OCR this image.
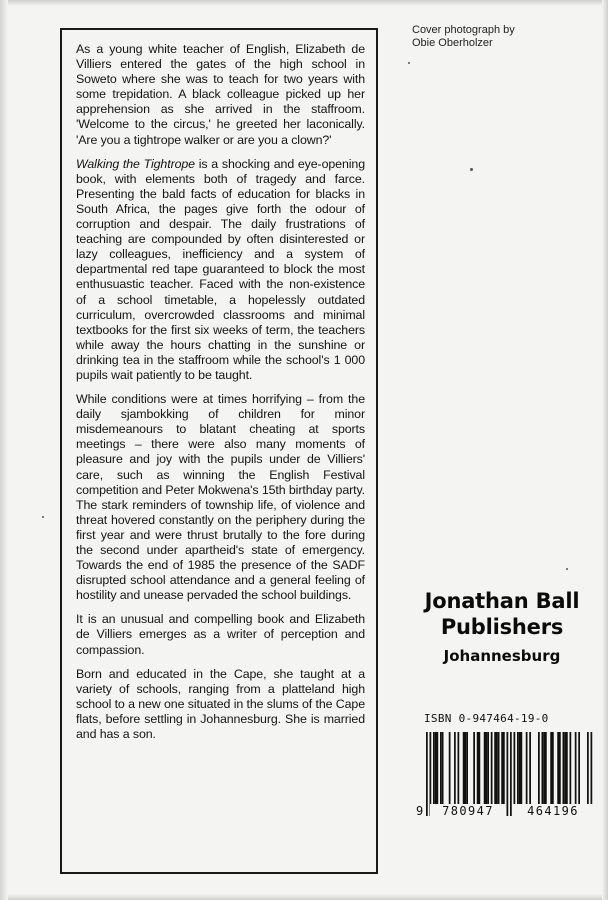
As a young white teacher of English, Elizabeth de Villiers entered the gates of the high school in Soweto where she was to teach for two years with some trepidation. A black colleague picked up her apprehension as she arrived in the staffroom. 'Welcome to the circus,' he greeted her laconically. 'Are you a tightrope walker or are you a clown?'

Walking the Tightrope is a shocking and eye-opening book, with elements both of tragedy and farce. Presenting the bald facts of education for blacks in South Africa, the pages give forth the odour of corruption and despair. The daily frustrations of teaching are compounded by often disinterested or lazy colleagues, inefficiency and a system of departmental red tape guaranteed to block the most enthusuastic teacher. Faced with the non-existence of a school timetable, a hopelessly outdated curriculum, overcrowded classrooms and minimal textbooks for the first six weeks of term, the teachers while away the hours chatting in the sunshine or drinking tea in the staffroom while the school's 1 000 pupils wait patiently to be taught.

While conditions were at times horrifying – from the daily sjambokking of children for minor misdemeanours to blatant cheating at sports meetings – there were also many moments of pleasure and joy with the pupils under de Villiers' care, such as winning the English Festival competition and Peter Mokwena's 15th birthday party. The stark reminders of township life, of violence and threat hovered constantly on the periphery during the first year and were thrust brutally to the fore during the second under apartheid's state of emergency. Towards the end of 1985 the presence of the SADF disrupted school attendance and a general feeling of hostility and unease pervaded the school buildings.

It is an unusual and compelling book and Elizabeth de Villiers emerges as a writer of perception and compassion.

Born and educated in the Cape, she taught at a variety of schools, ranging from a platteland high school to a new one situated in the slums of the Cape flats, before settling in Johannesburg. She is married and has a son.

Cover photograph by
Obie Oberholzer
Jonathan Ball
Publishers
Johannesburg
ISBN 0-947464-19-0
9	780947	464196
